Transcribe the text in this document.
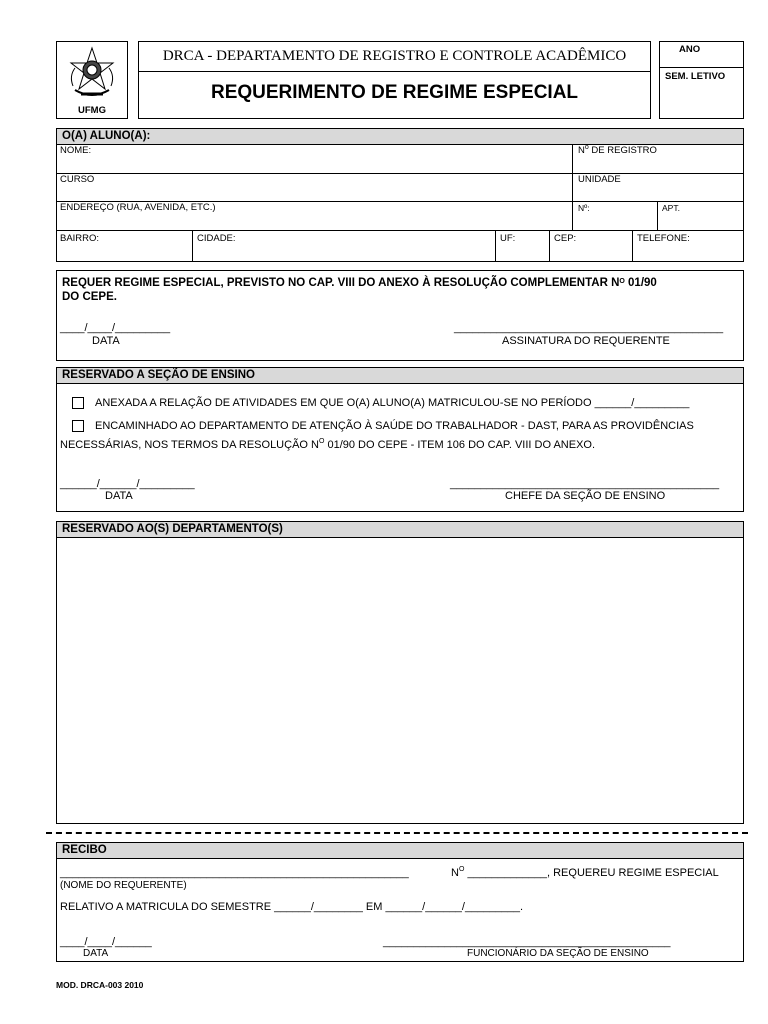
UFMG
DRCA - DEPARTAMENTO DE REGISTRO E CONTROLE ACADÊMICO
REQUERIMENTO DE REGIME ESPECIAL
ANO
SEM. LETIVO
O(A) ALUNO(A):
NOME:	$N^o$ DE REGISTRO
CURSO	UNIDADE
ENDEREÇO (RUA, AVENIDA, ETC.)	Nº:	APT.
BAIRRO:	CIDADE:	UF:	CEP:	TELEFONE:
REQUER REGIME ESPECIAL, PREVISTO NO CAP. VIII DO ANEXO À RESOLUÇÃO COMPLEMENTAR $N^O$ 01/90
DO CEPE.
____/____/_________
DATA
____________________________________________
ASSINATURA DO REQUERENTE
RESERVADO A SEÇÃO DE ENSINO
ANEXADA A RELAÇÃO DE ATIVIDADES EM QUE O(A) ALUNO(A) MATRICULOU-SE NO PERÍODO ______/_________
ENCAMINHADO AO DEPARTAMENTO DE ATENÇÃO À SAÚDE DO TRABALHADOR - DAST, PARA AS PROVIDÊNCIAS
NECESSÁRIAS, NOS TERMOS DA RESOLUÇÃO $N^O$ 01/90 DO CEPE - ITEM 106 DO CAP. VIII DO ANEXO.
______/______/_________
DATA
____________________________________________
CHEFE DA SEÇÃO DE ENSINO
RESERVADO AO(S) DEPARTAMENTO(S)
RECIBO
_________________________________________________________	$N^O$ _____________, REQUEREU REGIME ESPECIAL
(NOME DO REQUERENTE)
RELATIVO A MATRICULA DO SEMESTRE ______/________ EM ______/______/_________.
____/____/______
DATA
_______________________________________________
FUNCIONÁRIO DA SEÇÃO DE ENSINO
MOD. DRCA-003 2010
